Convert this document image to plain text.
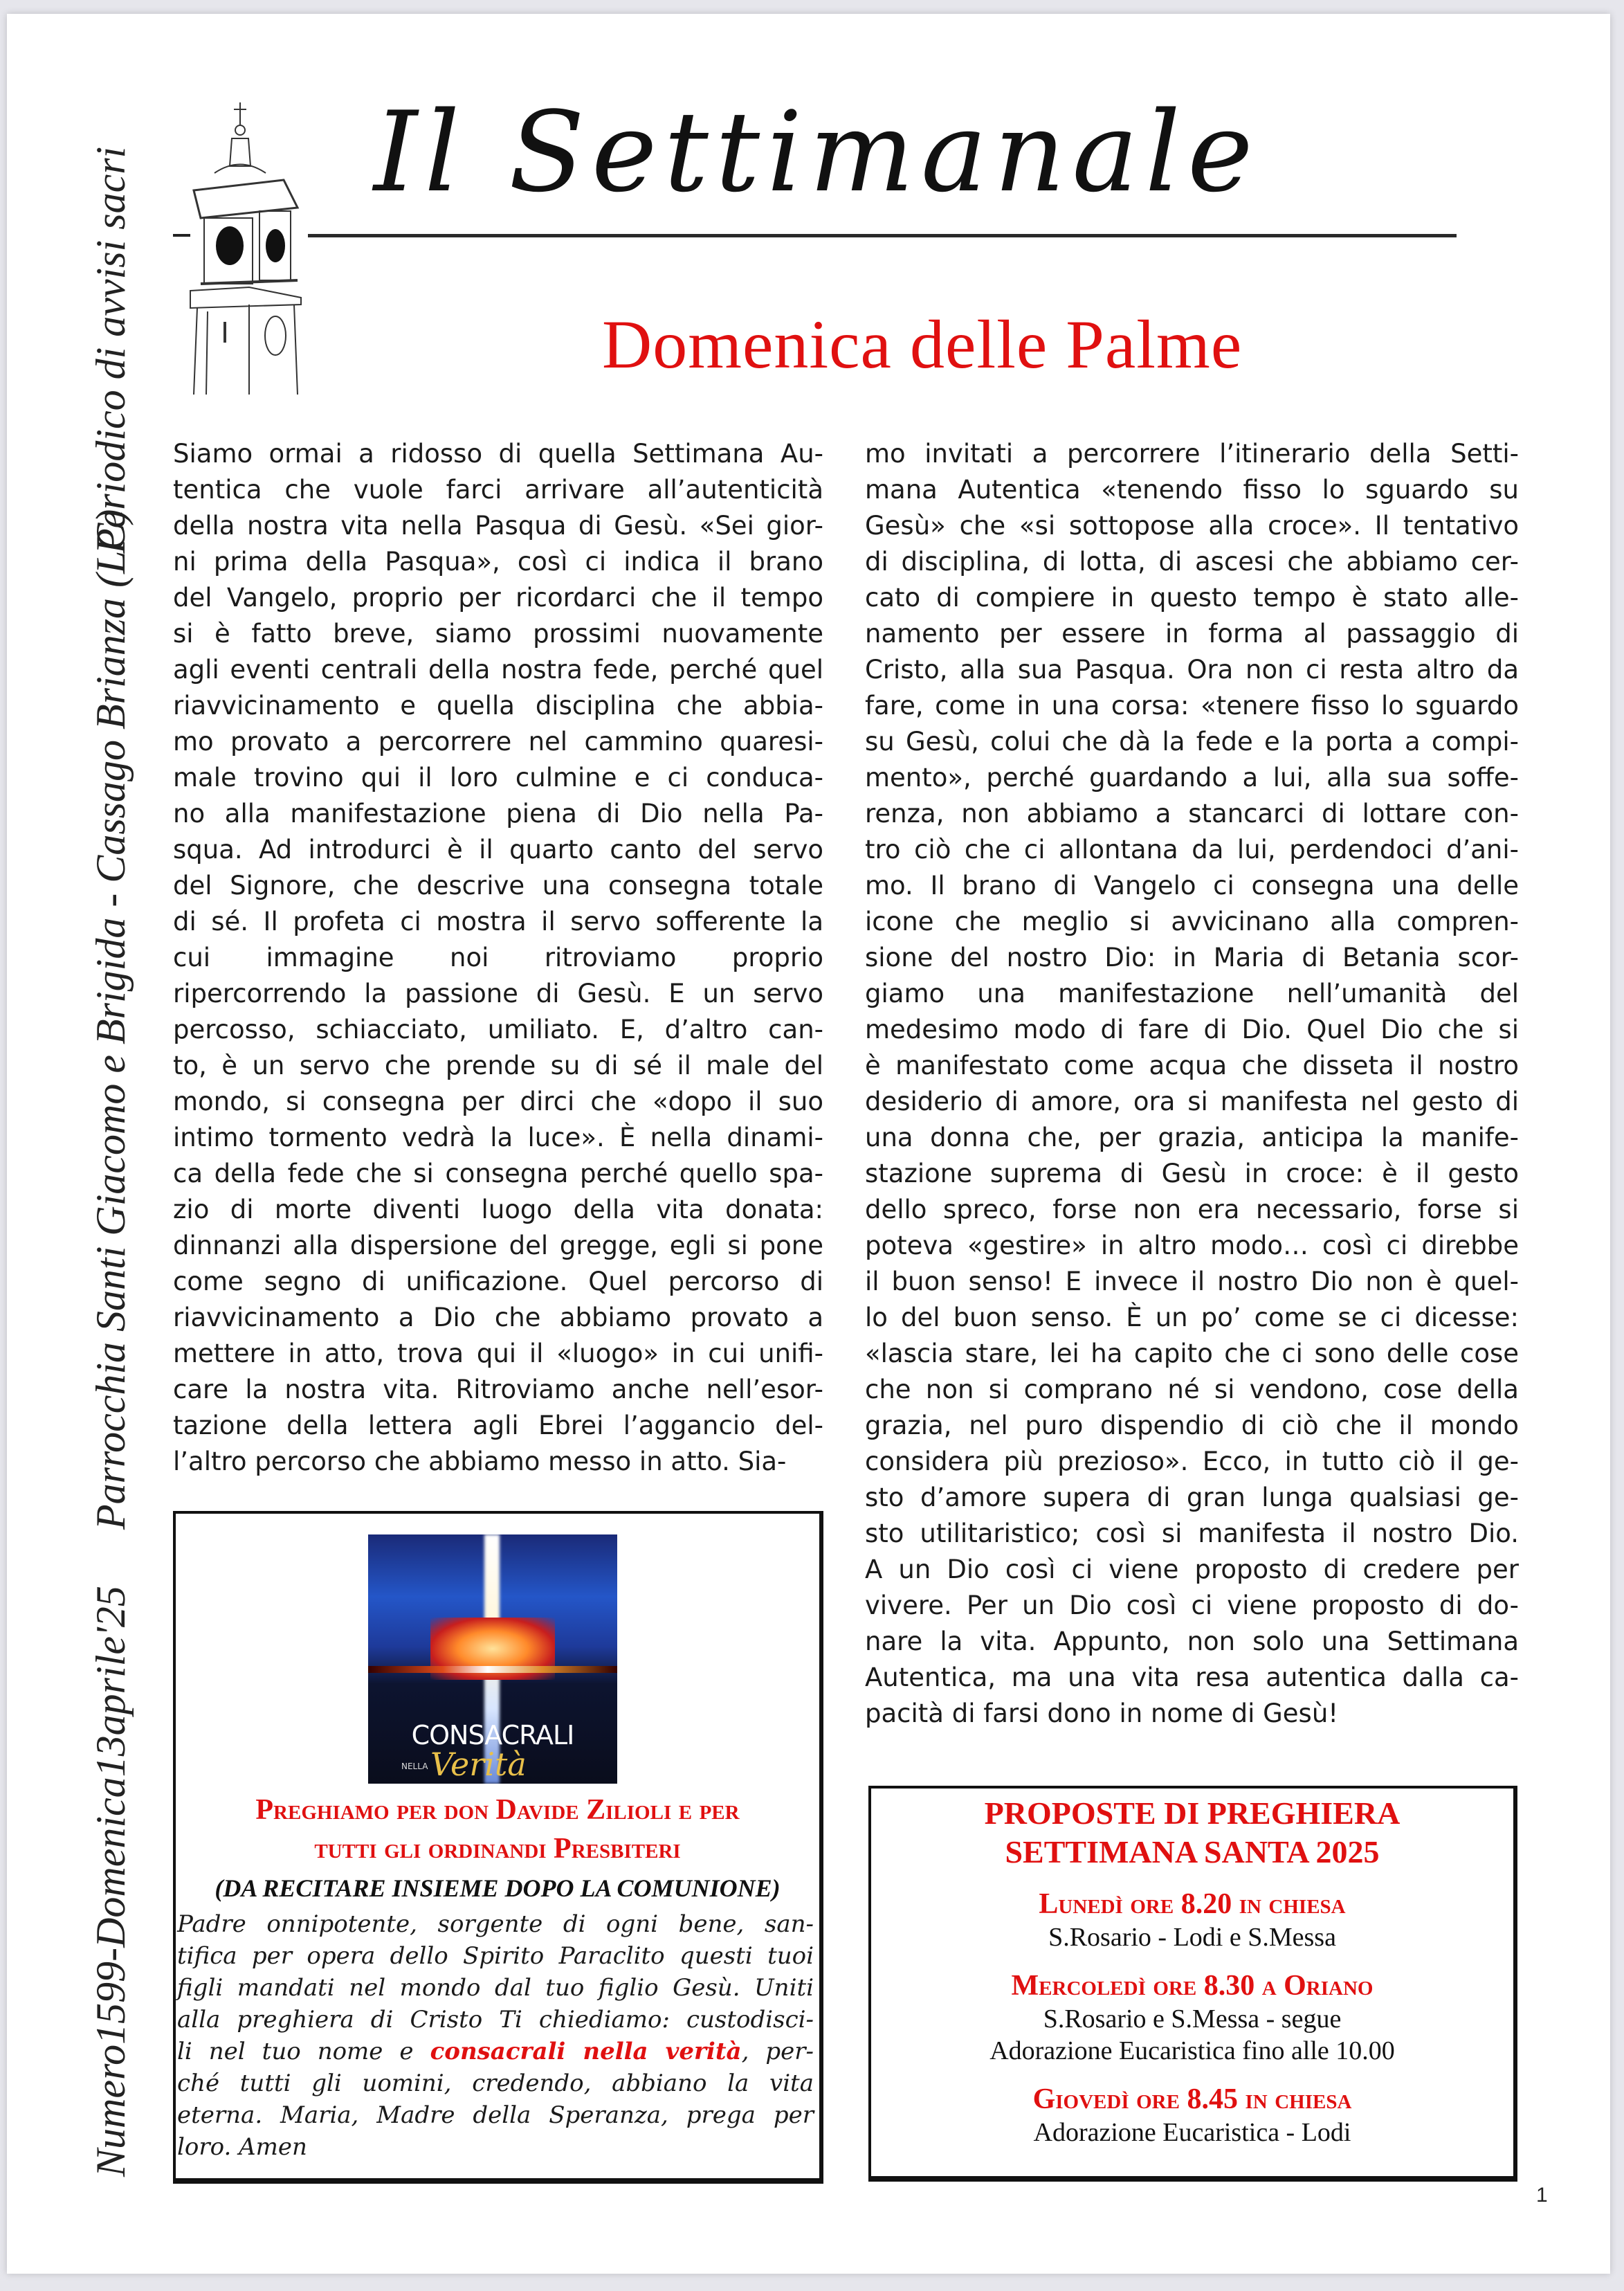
Numero1599-Domenica13aprile'25
Parrocchia Santi Giacomo e Brigida - Cassago Brianza (LC)
Periodico di avvisi sacri Il Settimanale
Domenica delle Palme
Siamo ormai a ridosso di quella Settimana Au-
tentica che vuole farci arrivare all’autenticità
della nostra vita nella Pasqua di Gesù. «Sei gior-
ni prima della Pasqua», così ci indica il brano
del Vangelo, proprio per ricordarci che il tempo
si è fatto breve, siamo prossimi nuovamente
agli eventi centrali della nostra fede, perché quel
riavvicinamento e quella disciplina che abbia-
mo provato a percorrere nel cammino quaresi-
male trovino qui il loro culmine e ci conduca-
no alla manifestazione piena di Dio nella Pa-
squa. Ad introdurci è il quarto canto del servo
del Signore, che descrive una consegna totale
di sé. Il profeta ci mostra il servo sofferente la
cui immagine noi ritroviamo proprio
ripercorrendo la passione di Gesù. E un servo
percosso, schiacciato, umiliato. E, d’altro can-
to, è un servo che prende su di sé il male del
mondo, si consegna per dirci che «dopo il suo
intimo tormento vedrà la luce». È nella dinami-
ca della fede che si consegna perché quello spa-
zio di morte diventi luogo della vita donata:
dinnanzi alla dispersione del gregge, egli si pone
come segno di unificazione. Quel percorso di
riavvicinamento a Dio che abbiamo provato a
mettere in atto, trova qui il «luogo» in cui unifi-
care la nostra vita. Ritroviamo anche nell’esor-
tazione della lettera agli Ebrei l’aggancio del-
l’altro percorso che abbiamo messo in atto. Sia-
mo invitati a percorrere l’itinerario della Setti-
mana Autentica «tenendo fisso lo sguardo su
Gesù» che «si sottopose alla croce». Il tentativo
di disciplina, di lotta, di ascesi che abbiamo cer-
cato di compiere in questo tempo è stato alle-
namento per essere in forma al passaggio di
Cristo, alla sua Pasqua. Ora non ci resta altro da
fare, come in una corsa: «tenere fisso lo sguardo
su Gesù, colui che dà la fede e la porta a compi-
mento», perché guardando a lui, alla sua soffe-
renza, non abbiamo a stancarci di lottare con-
tro ciò che ci allontana da lui, perdendoci d’ani-
mo. Il brano di Vangelo ci consegna una delle
icone che meglio si avvicinano alla compren-
sione del nostro Dio: in Maria di Betania scor-
giamo una manifestazione nell’umanità del
medesimo modo di fare di Dio. Quel Dio che si
è manifestato come acqua che disseta il nostro
desiderio di amore, ora si manifesta nel gesto di
una donna che, per grazia, anticipa la manife-
stazione suprema di Gesù in croce: è il gesto
dello spreco, forse non era necessario, forse si
poteva «gestire» in altro modo… così ci direbbe
il buon senso! E invece il nostro Dio non è quel-
lo del buon senso. È un po’ come se ci dicesse:
«lascia stare, lei ha capito che ci sono delle cose
che non si comprano né si vendono, cose della
grazia, nel puro dispendio di ciò che il mondo
considera più prezioso». Ecco, in tutto ciò il ge-
sto d’amore supera di gran lunga qualsiasi ge-
sto utilitaristico; così si manifesta il nostro Dio.
A un Dio così ci viene proposto di credere per
vivere. Per un Dio così ci viene proposto di do-
nare la vita. Appunto, non solo una Settimana
Autentica, ma una vita resa autentica dalla ca-
pacità di farsi dono in nome di Gesù!
CONSACRALI
NELLA Verità
Preghiamo per don Davide Zilioli e per
tutti gli ordinandi Presbiteri
(DA RECITARE INSIEME DOPO LA COMUNIONE)
Padre onnipotente, sorgente di ogni bene, san-
tifica per opera dello Spirito Paraclito questi tuoi
figli mandati nel mondo dal tuo figlio Gesù. Uniti
alla preghiera di Cristo Ti chiediamo: custodisci-
li nel tuo nome e consacrali nella verità, per-
ché tutti gli uomini, credendo, abbiano la vita
eterna. Maria, Madre della Speranza, prega per
loro. Amen
PROPOSTE DI PREGHIERA
SETTIMANA SANTA 2025
Lunedì ore 8.20 in chiesa
S.Rosario - Lodi e S.Messa
Mercoledì ore 8.30 a Oriano
S.Rosario e S.Messa - segue
Adorazione Eucaristica fino alle 10.00
Giovedì ore 8.45 in chiesa
Adorazione Eucaristica - Lodi
1
